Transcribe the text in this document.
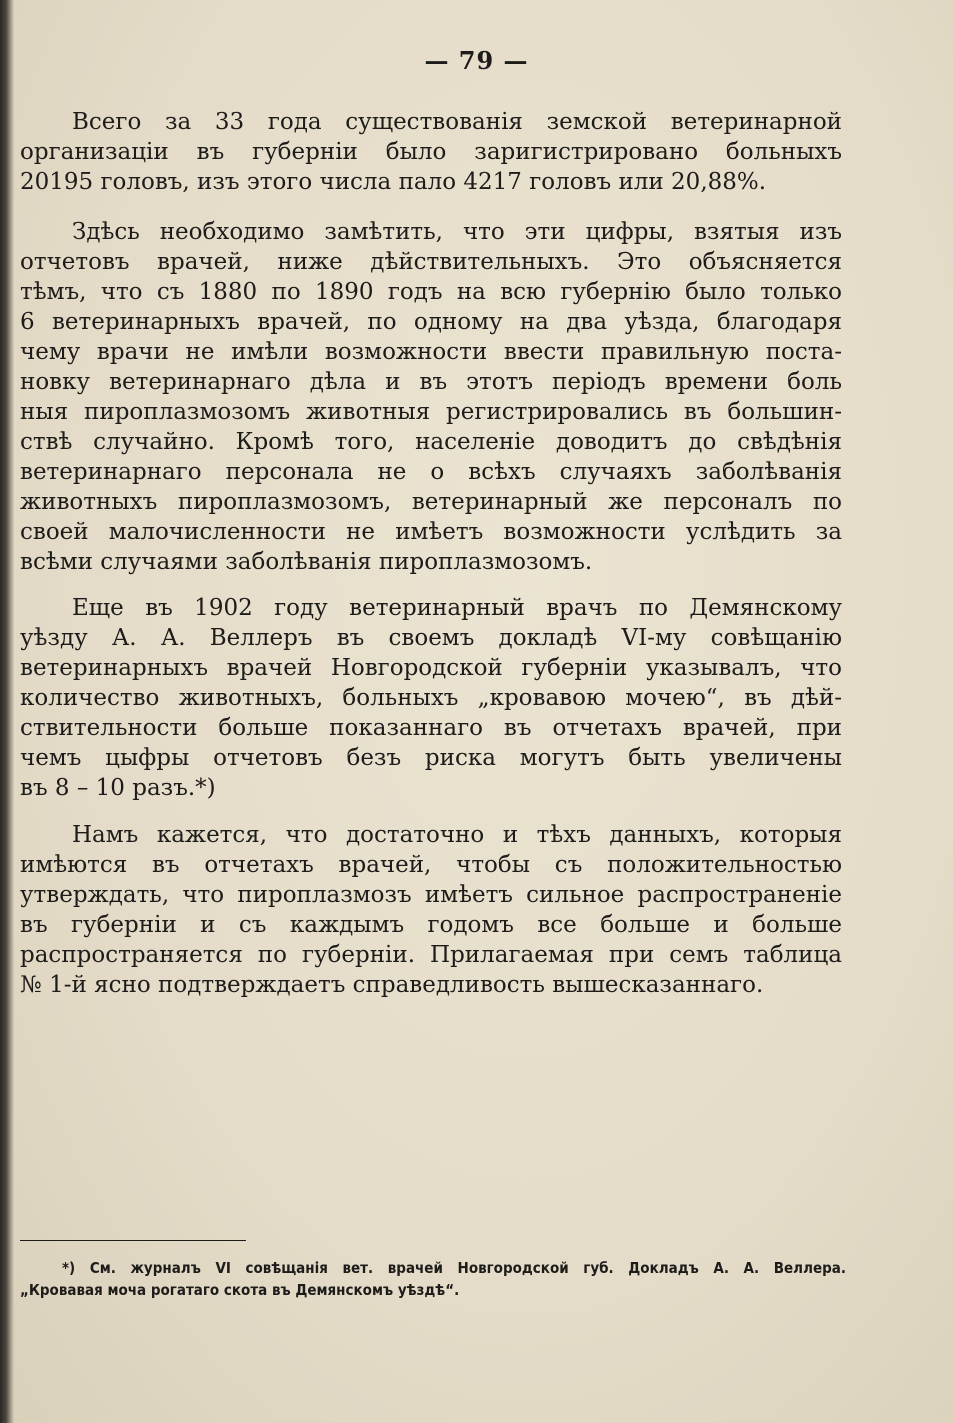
— 79 —
Всего за 33 года существованія земской ветеринарной
организаціи въ губерніи было заригистрировано больныхъ
20195 головъ, изъ этого числа пало 4217 головъ или 20,88%.
Здѣсь необходимо замѣтить, что эти цифры, взятыя изъ
отчетовъ врачей, ниже дѣйствительныхъ. Это объясняется
тѣмъ, что съ 1880 по 1890 годъ на всю губернію было только
6 ветеринарныхъ врачей, по одному на два уѣзда, благодаря
чему врачи не имѣли возможности ввести правильную поста-
новку ветеринарнаго дѣла и въ этотъ періодъ времени боль
ныя пироплазмозомъ животныя регистрировались въ большин-
ствѣ случайно. Кромѣ того, населеніе доводитъ до свѣдѣнія
ветеринарнаго персонала не о всѣхъ случаяхъ заболѣванія
животныхъ пироплазмозомъ, ветеринарный же персоналъ по
своей малочисленности не имѣетъ возможности услѣдить за
всѣми случаями заболѣванія пироплазмозомъ.
Еще въ 1902 году ветеринарный врачъ по Демянскому
уѣзду А. А. Веллеръ въ своемъ докладѣ VI-му совѣщанію
ветеринарныхъ врачей Новгородской губерніи указывалъ, что
количество животныхъ, больныхъ „кровавою мочею“, въ дѣй-
ствительности больше показаннаго въ отчетахъ врачей, при
чемъ цыфры отчетовъ безъ риска могутъ быть увеличены
въ 8 – 10 разъ.*)
Намъ кажется, что достаточно и тѣхъ данныхъ, которыя
имѣются въ отчетахъ врачей, чтобы съ положительностью
утверждать, что пироплазмозъ имѣетъ сильное распространеніе
въ губерніи и съ каждымъ годомъ все больше и больше
распространяется по губерніи. Прилагаемая при семъ таблица
№ 1-й ясно подтверждаетъ справедливость вышесказаннаго.
*) См. журналъ VI совѣщанія вет. врачей Новгородской губ. Докладъ А. А. Веллера.
„Кровавая моча рогатаго скота въ Демянскомъ уѣздѣ“.
